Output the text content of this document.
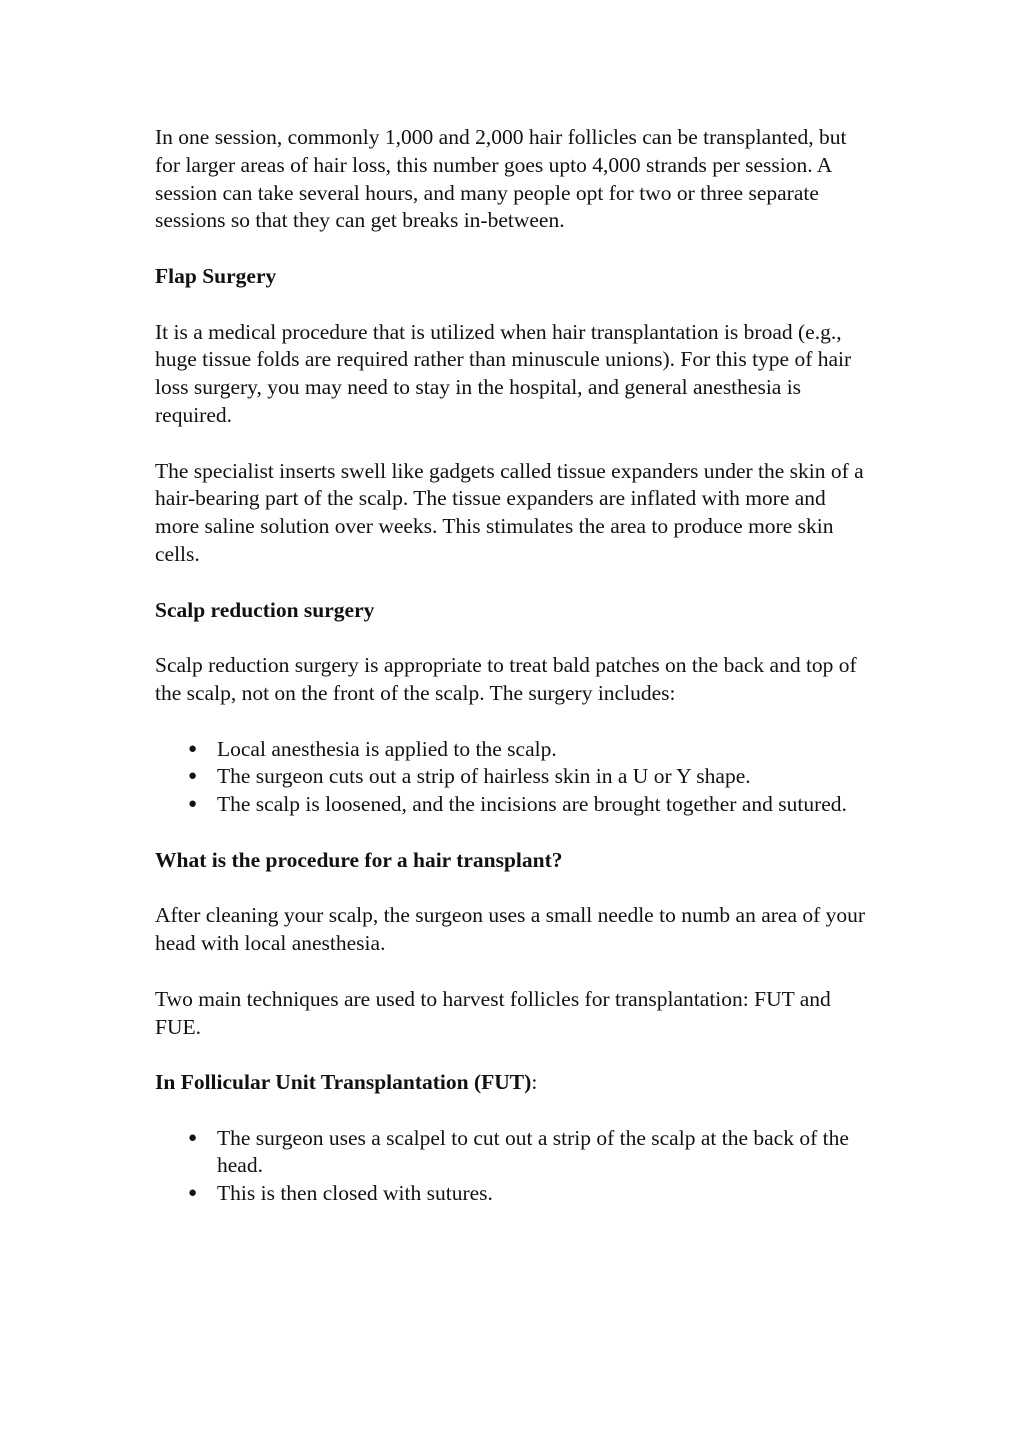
In one session, commonly 1,000 and 2,000 hair follicles can be transplanted, but for larger areas of hair loss, this number goes upto 4,000 strands per session. A session can take several hours, and many people opt for two or three separate sessions so that they can get breaks in-between.

Flap Surgery

It is a medical procedure that is utilized when hair transplantation is broad (e.g., huge tissue folds are required rather than minuscule unions). For this type of hair loss surgery, you may need to stay in the hospital, and general anesthesia is required.

The specialist inserts swell like gadgets called tissue expanders under the skin of a hair-bearing part of the scalp. The tissue expanders are inflated with more and more saline solution over weeks. This stimulates the area to produce more skin cells.

Scalp reduction surgery

Scalp reduction surgery is appropriate to treat bald patches on the back and top of the scalp, not on the front of the scalp. The surgery includes:

● Local anesthesia is applied to the scalp.
● The surgeon cuts out a strip of hairless skin in a U or Y shape.
● The scalp is loosened, and the incisions are brought together and sutured.
What is the procedure for a hair transplant?

After cleaning your scalp, the surgeon uses a small needle to numb an area of your head with local anesthesia.

Two main techniques are used to harvest follicles for transplantation: FUT and FUE.

In Follicular Unit Transplantation (FUT):

● The surgeon uses a scalpel to cut out a strip of the scalp at the back of the head.
● This is then closed with sutures.
